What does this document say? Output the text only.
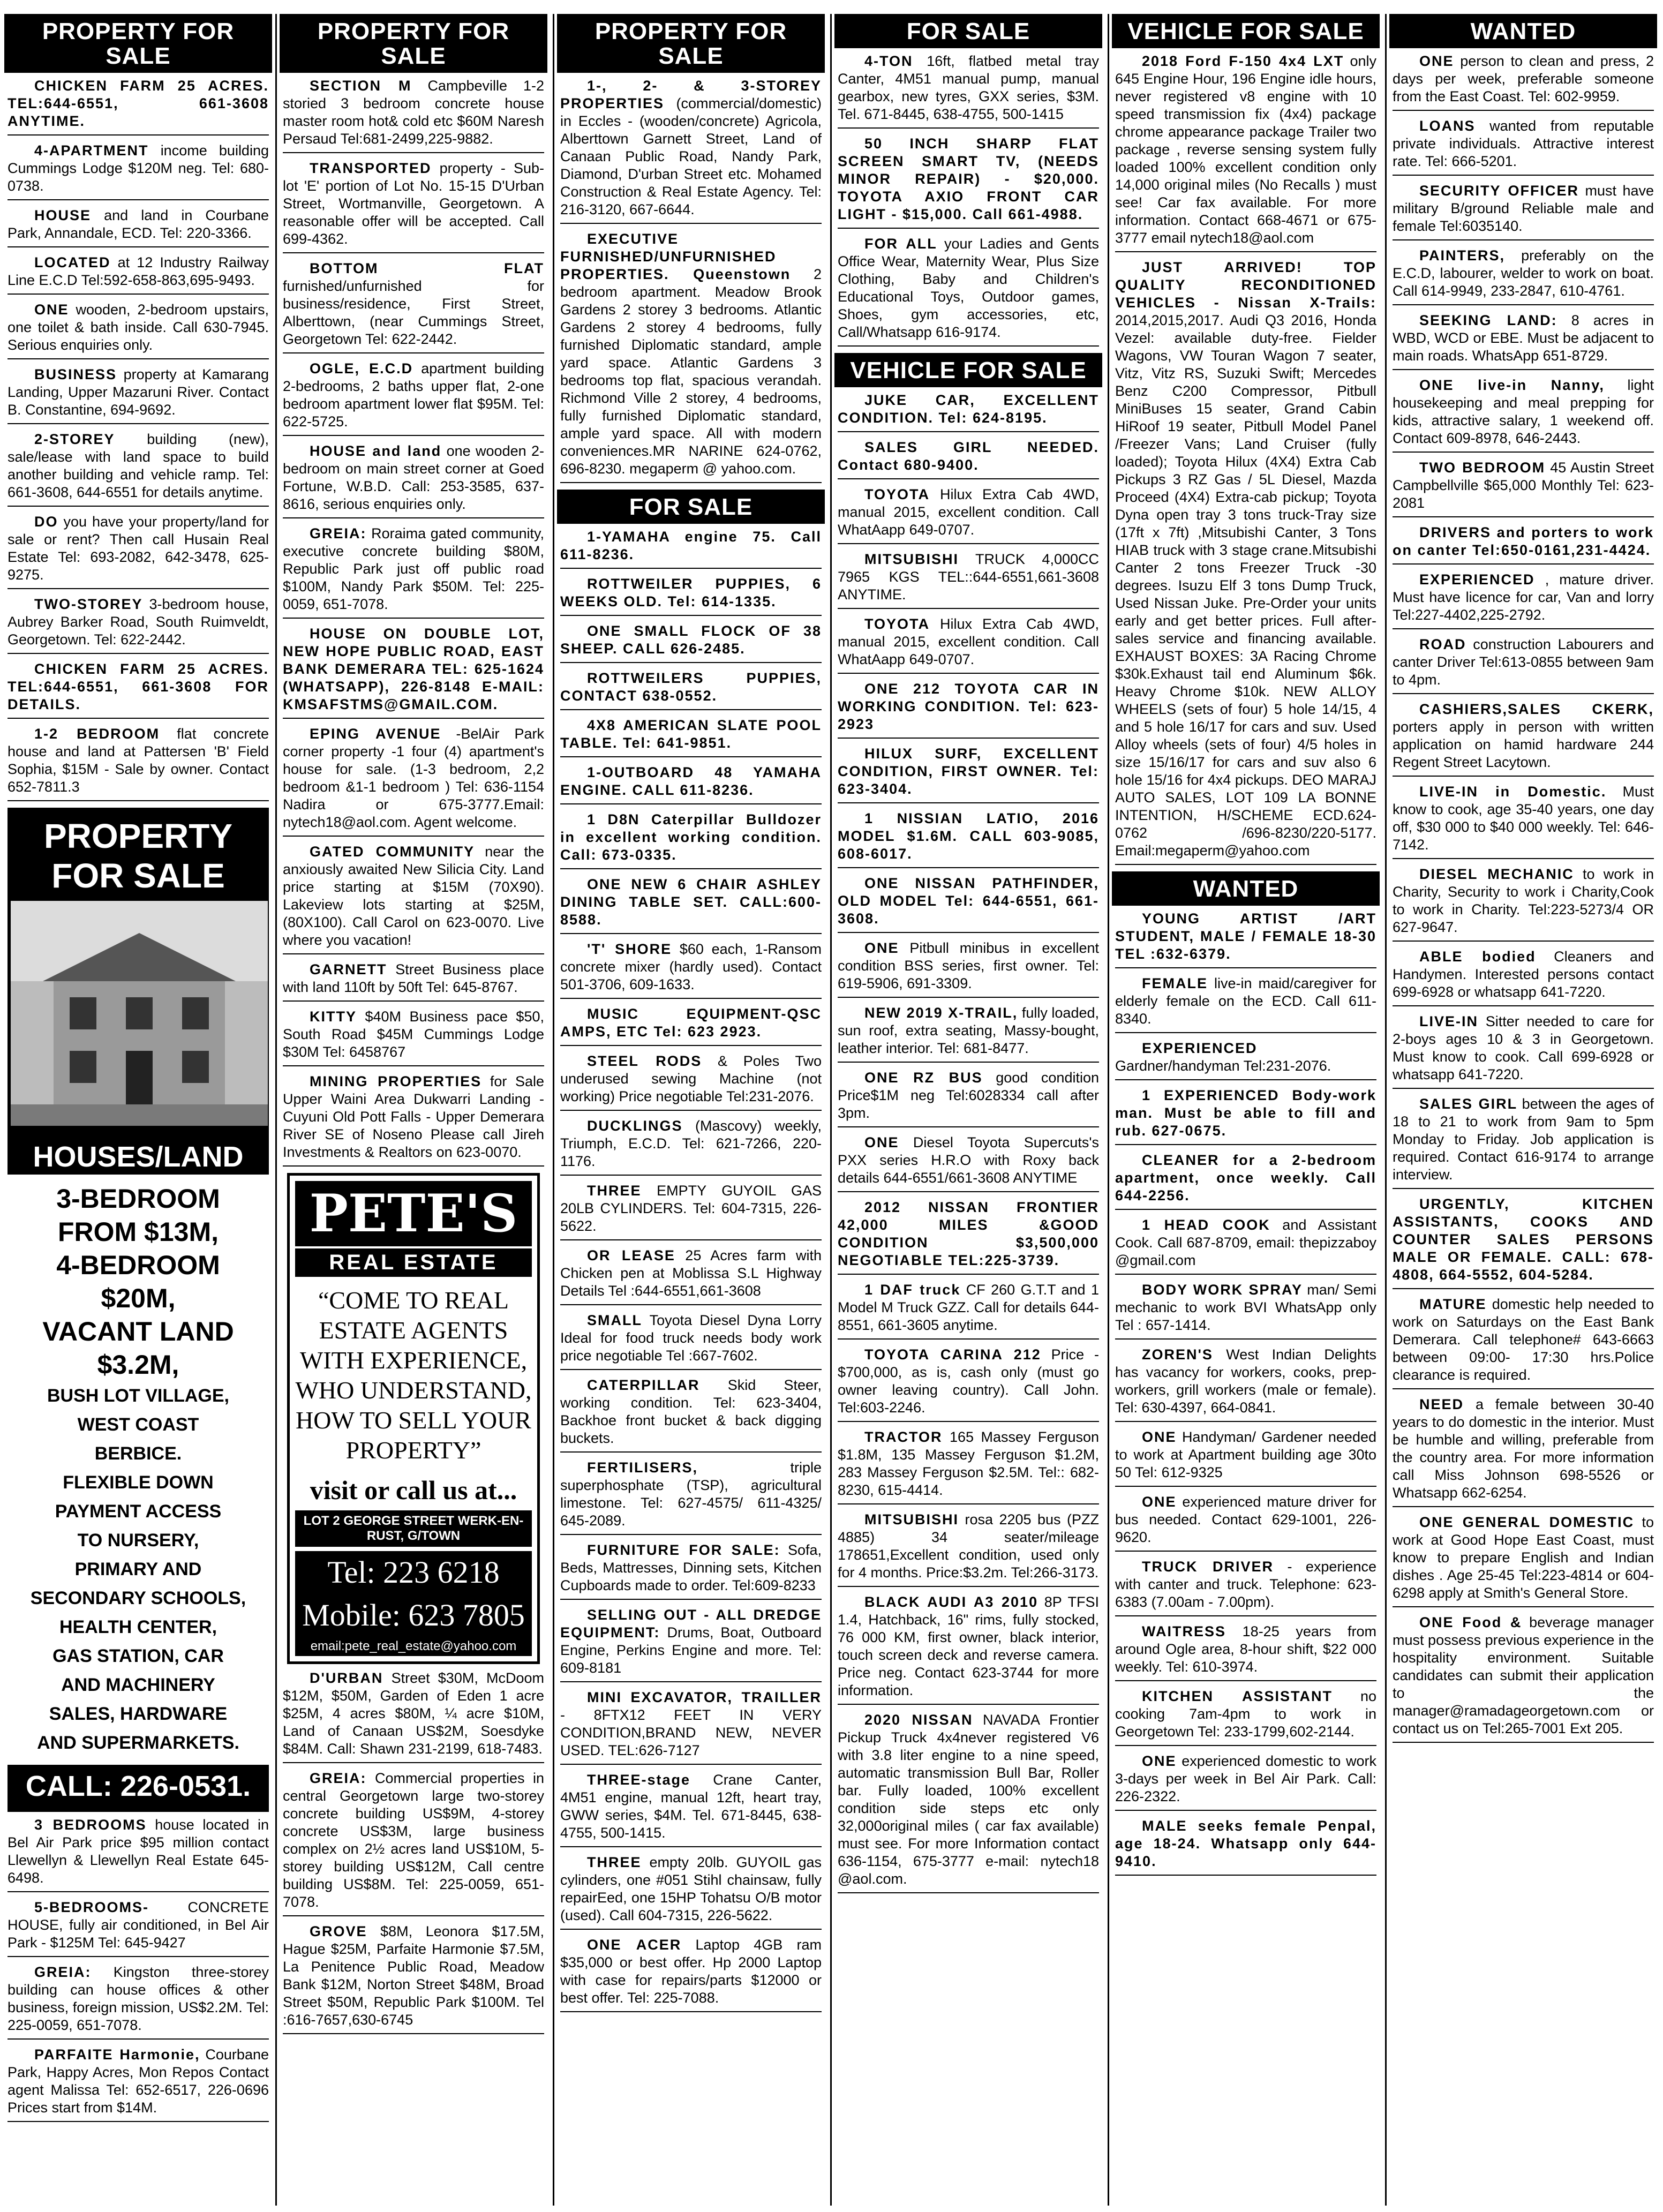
PROPERTY FOR SALE
CHICKEN FARM 25 ACRES. TEL:644-6551, 661-3608 ANYTIME.
4-APARTMENT income building Cummings Lodge $120M neg. Tel: 680-0738.
HOUSE and land in Courbane Park, Annandale, ECD. Tel: 220-3366.
LOCATED at 12 Industry Railway Line E.C.D Tel:592-658-863,695-9493.
ONE wooden, 2-bedroom upstairs, one toilet & bath inside. Call 630-7945. Serious enquiries only.
BUSINESS property at Kamarang Landing, Upper Mazaruni River. Contact B. Constantine, 694-9692.
2-STOREY building (new), sale/lease with land space to build another building and vehicle ramp. Tel: 661-3608, 644-6551 for details anytime.
DO you have your property/land for sale or rent? Then call Husain Real Estate Tel: 693-2082, 642-3478, 625-9275.
TWO-STOREY 3-bedroom house, Aubrey Barker Road, South Ruimveldt, Georgetown. Tel: 622-2442.
CHICKEN FARM 25 ACRES. TEL:644-6551, 661-3608 FOR DETAILS.
1-2 BEDROOM flat concrete house and land at Pattersen 'B' Field Sophia, $15M - Sale by owner. Contact 652-7811.3
PROPERTY
FOR SALE
HOUSES/LAND
3-BEDROOM
FROM $13M,
4-BEDROOM
$20M,
VACANT LAND
$3.2M,
BUSH LOT VILLAGE,
WEST COAST
BERBICE.
FLEXIBLE DOWN
PAYMENT ACCESS
TO NURSERY,
PRIMARY AND
SECONDARY SCHOOLS,
HEALTH CENTER,
GAS STATION, CAR
AND MACHINERY
SALES, HARDWARE
AND SUPERMARKETS.
CALL: 226-0531.
3 BEDROOMS house located in Bel Air Park price $95 million contact Llewellyn & Llewellyn Real Estate 645-6498.
5-BEDROOMS-	CONCRETE HOUSE, fully air conditioned, in Bel Air Park - $125M Tel: 645-9427
GREIA: Kingston three-storey building can house offices & other business, foreign mission, US$2.2M. Tel: 225-0059, 651-7078.
PARFAITE Harmonie, Courbane Park, Happy Acres, Mon Repos Contact agent Malissa Tel: 652-6517, 226-0696 Prices start from $14M.
PROPERTY FOR SALE
SECTION M Campbeville 1-2 storied 3 bedroom concrete house master room hot& cold etc $60M Naresh Persaud Tel:681-2499,225-9882.
TRANSPORTED property - Sub-lot 'E' portion of Lot No. 15-15 D'Urban Street, Wortmanville, Georgetown. A reasonable offer will be accepted. Call 699-4362.
BOTTOM FLAT furnished/unfurnished for business/residence, First Street, Alberttown, (near Cummings Street, Georgetown Tel: 622-2442.
OGLE, E.C.D apartment building 2-bedrooms, 2 baths upper flat, 2-one bedroom apartment lower flat $95M. Tel: 622-5725.
HOUSE and land one wooden 2-bedroom on main street corner at Goed Fortune, W.B.D. Call: 253-3585, 637-8616, serious enquiries only.
GREIA: Roraima gated community, executive concrete building $80M, Republic Park just off public road $100M, Nandy Park $50M. Tel: 225-0059, 651-7078.
HOUSE ON DOUBLE LOT, NEW HOPE PUBLIC ROAD, EAST BANK DEMERARA TEL: 625-1624 (WHATSAPP), 226-8148 E-MAIL: KMSAFSTMS@GMAIL.COM.
EPING AVENUE -BelAir Park corner property -1 four (4) apartment's house for sale. (1-3 bedroom, 2,2 bedroom &1-1 bedroom ) Tel: 636-1154 Nadira or 675-3777.Email: nytech18@aol.com. Agent welcome.
GATED COMMUNITY near the anxiously awaited New Silicia City. Land price starting at $15M (70X90). Lakeview lots starting at $25M, (80X100). Call Carol on 623-0070. Live where you vacation!
GARNETT Street Business place with land 110ft by 50ft Tel: 645-8767.
KITTY $40M Business pace $50, South Road $45M Cummings Lodge $30M Tel: 6458767
MINING PROPERTIES for Sale Upper Waini Area Dukwarri Landing -Cuyuni Old Pott Falls - Upper Demerara River SE of Noseno Please call Jireh Investments & Realtors on 623-0070.
PETE'S
REAL ESTATE
“COME TO REAL ESTATE AGENTS WITH EXPERIENCE, WHO UNDERSTAND, HOW TO SELL YOUR PROPERTY”
visit or call us at...
LOT 2 GEORGE STREET WERK-EN-RUST, G/TOWN
Tel: 223 6218
Mobile: 623 7805
email:pete_real_estate@yahoo.com
D'URBAN Street $30M, McDoom $12M, $50M, Garden of Eden 1 acre $25M, 4 acres $80M, ¼ acre $10M, Land of Canaan US$2M, Soesdyke $84M. Call: Shawn 231-2199, 618-7483.
GREIA: Commercial properties in central Georgetown large two-storey concrete building US$9M, 4-storey concrete US$3M, large business complex on 2½ acres land US$10M, 5-storey building US$12M, Call centre building US$8M. Tel: 225-0059, 651-7078.
GROVE $8M, Leonora $17.5M, Hague $25M, Parfaite Harmonie $7.5M, La Penitence Public Road, Meadow Bank $12M, Norton Street $48M, Broad Street $50M, Republic Park $100M. Tel :616-7657,630-6745
PROPERTY FOR SALE
1-, 2- & 3-STOREY PROPERTIES (commercial/domestic) in Eccles - (wooden/concrete) Agricola, Alberttown Garnett Street, Land of Canaan Public Road, Nandy Park, Diamond, D'urban Street etc. Mohamed Construction & Real Estate Agency. Tel: 216-3120, 667-6644.
EXECUTIVE FURNISHED/UNFURNISHED PROPERTIES. Queenstown 2 bedroom apartment. Meadow Brook Gardens 2 storey 3 bedrooms. Atlantic Gardens 2 storey 4 bedrooms, fully furnished Diplomatic standard, ample yard space. Atlantic Gardens 3 bedrooms top flat, spacious verandah. Richmond Ville 2 storey, 4 bedrooms, fully furnished Diplomatic standard, ample yard space. All with modern conveniences.MR NARINE 624-0762, 696-8230. megaperm @ yahoo.com.
FOR SALE
1-YAMAHA engine 75. Call 611-8236.
ROTTWEILER PUPPIES, 6 WEEKS OLD. Tel: 614-1335.
ONE SMALL FLOCK OF 38 SHEEP. CALL 626-2485.
ROTTWEILERS PUPPIES, CONTACT 638-0552.
4X8 AMERICAN SLATE POOL TABLE. Tel: 641-9851.
1-OUTBOARD 48 YAMAHA ENGINE. CALL 611-8236.
1 D8N Caterpillar Bulldozer in excellent working condition. Call: 673-0335.
ONE NEW 6 CHAIR ASHLEY DINING TABLE SET. CALL:600-8588.
'T' SHORE $60 each, 1-Ransom concrete mixer (hardly used). Contact 501-3706, 609-1633.
MUSIC EQUIPMENT-QSC AMPS, ETC Tel: 623 2923.
STEEL RODS & Poles Two underused sewing Machine (not working) Price negotiable Tel:231-2076.
DUCKLINGS (Mascovy) weekly, Triumph, E.C.D. Tel: 621-7266, 220-1176.
THREE EMPTY GUYOIL GAS 20LB CYLINDERS. Tel: 604-7315, 226-5622.
OR LEASE 25 Acres farm with Chicken pen at Moblissa S.L Highway Details Tel :644-6551,661-3608
SMALL Toyota Diesel Dyna Lorry Ideal for food truck needs body work price negotiable Tel :667-7602.
CATERPILLAR Skid Steer, working condition. Tel: 623-3404, Backhoe front bucket & back digging buckets.
FERTILISERS,	triple superphosphate (TSP), agricultural limestone. Tel: 627-4575/ 611-4325/ 645-2089.
FURNITURE FOR SALE: Sofa, Beds, Mattresses, Dinning sets, Kitchen Cupboards made to order. Tel:609-8233
SELLING OUT - ALL DREDGE EQUIPMENT: Drums, Boat, Outboard Engine, Perkins Engine and more. Tel: 609-8181
MINI EXCAVATOR, TRAILLER - 8FTX12 FEET IN VERY CONDITION,BRAND NEW, NEVER USED. TEL:626-7127
THREE-stage Crane Canter, 4M51 engine, manual 12ft, heart tray, GWW series, $4M. Tel. 671-8445, 638-4755, 500-1415.
THREE empty 20lb. GUYOIL gas cylinders, one #051 Stihl chainsaw, fully repairEed, one 15HP Tohatsu O/B motor (used). Call 604-7315, 226-5622.
ONE ACER Laptop 4GB ram $35,000 or best offer. Hp 2000 Laptop with case for repairs/parts $12000 or best offer. Tel: 225-7088.
FOR SALE
4-TON 16ft, flatbed metal tray Canter, 4M51 manual pump, manual gearbox, new tyres, GXX series, $3M. Tel. 671-8445, 638-4755, 500-1415
50 INCH SHARP FLAT SCREEN SMART TV, (NEEDS MINOR REPAIR) - $20,000. TOYOTA AXIO FRONT CAR LIGHT - $15,000. Call 661-4988.
FOR ALL your Ladies and Gents Office Wear, Maternity Wear, Plus Size Clothing, Baby and Children's Educational Toys, Outdoor games, Shoes, gym accessories, etc, Call/Whatsapp 616-9174.
VEHICLE FOR SALE
JUKE CAR, EXCELLENT CONDITION. Tel: 624-8195.
SALES GIRL NEEDED. Contact 680-9400.
TOYOTA Hilux Extra Cab 4WD, manual 2015, excellent condition. Call WhatAapp 649-0707.
MITSUBISHI TRUCK 4,000CC 7965 KGS TEL::644-6551,661-3608 ANYTIME.
TOYOTA Hilux Extra Cab 4WD, manual 2015, excellent condition. Call WhatAapp 649-0707.
ONE 212 TOYOTA CAR IN WORKING CONDITION. Tel: 623-2923
HILUX SURF, EXCELLENT CONDITION, FIRST OWNER. Tel: 623-3404.
1 NISSIAN LATIO, 2016 MODEL $1.6M. CALL 603-9085, 608-6017.
ONE NISSAN PATHFINDER, OLD MODEL Tel: 644-6551, 661-3608.
ONE Pitbull minibus in excellent condition BSS series, first owner. Tel: 619-5906, 691-3309.
NEW 2019 X-TRAIL, fully loaded, sun roof, extra seating, Massy-bought, leather interior. Tel: 681-8477.
ONE RZ BUS good condition Price$1M neg Tel:6028334 call after 3pm.
ONE Diesel Toyota Supercuts's PXX series H.R.O with Roxy back details 644-6551/661-3608 ANYTIME
2012 NISSAN FRONTIER 42,000 MILES &GOOD CONDITION $3,500,000 NEGOTIABLE TEL:225-3739.
1 DAF truck CF 260 G.T.T and 1 Model M Truck GZZ. Call for details 644-8551, 661-3605 anytime.
TOYOTA CARINA 212 Price - $700,000, as is, cash only (must go owner leaving country). Call John. Tel:603-2246.
TRACTOR 165 Massey Ferguson $1.8M, 135 Massey Ferguson $1.2M, 283 Massey Ferguson $2.5M. Tel:: 682-8230, 615-4414.
MITSUBISHI rosa 2205 bus (PZZ 4885) 34 seater/mileage 178651,Excellent condition, used only for 4 months. Price:$3.2m. Tel:266-3173.
BLACK AUDI A3 2010 8P TFSI 1.4, Hatchback, 16" rims, fully stocked, 76 000 KM, first owner, black interior, touch screen deck and reverse camera. Price neg. Contact 623-3744 for more information.
2020 NISSAN NAVADA Frontier Pickup Truck 4x4never registered V6 with 3.8 liter engine to a nine speed, automatic transmission Bull Bar, Roller bar. Fully loaded, 100% excellent condition side steps etc only 32,000original miles ( car fax available) must see. For more Information contact 636-1154, 675-3777 e-mail: nytech18 @aol.com.
VEHICLE FOR SALE
2018 Ford F-150 4x4 LXT only 645 Engine Hour, 196 Engine idle hours, never registered v8 engine with 10 speed transmission fix (4x4) package chrome appearance package Trailer two package , reverse sensing system fully loaded 100% excellent condition only 14,000 original miles (No Recalls ) must see! Car fax available. For more information. Contact 668-4671 or 675-3777 email nytech18@aol.com
JUST ARRIVED! TOP QUALITY RECONDITIONED VEHICLES - Nissan X-Trails: 2014,2015,2017. Audi Q3 2016, Honda Vezel: available duty-free. Fielder Wagons, VW Touran Wagon 7 seater, Vitz, Vitz RS, Suzuki Swift; Mercedes Benz C200 Compressor, Pitbull MiniBuses 15 seater, Grand Cabin HiRoof 19 seater, Pitbull Model Panel /Freezer Vans; Land Cruiser (fully loaded); Toyota Hilux (4X4) Extra Cab Pickups 3 RZ Gas / 5L Diesel, Mazda Proceed (4X4) Extra-cab pickup; Toyota Dyna open tray 3 tons truck-Tray size (17ft x 7ft) ,Mitsubishi Canter, 3 Tons HIAB truck with 3 stage crane.Mitsubishi Canter 2 tons Freezer Truck -30 degrees. Isuzu Elf 3 tons Dump Truck, Used Nissan Juke. Pre-Order your units early and get better prices. Full after-sales service and financing available. EXHAUST BOXES: 3A Racing Chrome $30k.Exhaust tail end Aluminum $6k. Heavy Chrome $10k. NEW ALLOY WHEELS (sets of four) 5 hole 14/15, 4 and 5 hole 16/17 for cars and suv. Used Alloy wheels (sets of four) 4/5 holes in size 15/16/17 for cars and suv also 6 hole 15/16 for 4x4 pickups. DEO MARAJ AUTO SALES, LOT 109 LA BONNE INTENTION, H/SCHEME ECD.624-0762 /696-8230/220-5177. Email:megaperm@yahoo.com
WANTED
YOUNG ARTIST /ART STUDENT, MALE / FEMALE 18-30 TEL :632-6379.
FEMALE live-in maid/caregiver for elderly female on the ECD. Call 611-8340.
EXPERIENCED Gardner/handyman Tel:231-2076.
1 EXPERIENCED Body-work man. Must be able to fill and rub. 627-0675.
CLEANER for a 2-bedroom apartment, once weekly. Call 644-2256.
1 HEAD COOK and Assistant Cook. Call 687-8709, email: thepizzaboy @gmail.com
BODY WORK SPRAY man/ Semi mechanic to work BVI WhatsApp only Tel : 657-1414.
ZOREN'S West Indian Delights has vacancy for workers, cooks, prep-workers, grill workers (male or female). Tel: 630-4397, 664-0841.
ONE Handyman/ Gardener needed to work at Apartment building age 30to 50 Tel: 612-9325
ONE experienced mature driver for bus needed. Contact 629-1001, 226-9620.
TRUCK DRIVER - experience with canter and truck. Telephone: 623-6383 (7.00am - 7.00pm).
WAITRESS 18-25 years from around Ogle area, 8-hour shift, $22 000 weekly. Tel: 610-3974.
KITCHEN ASSISTANT no cooking 7am-4pm to work in Georgetown Tel: 233-1799,602-2144.
ONE experienced domestic to work 3-days per week in Bel Air Park. Call: 226-2322.
MALE seeks female Penpal, age 18-24. Whatsapp only 644-9410.
WANTED
ONE person to clean and press, 2 days per week, preferable someone from the East Coast. Tel: 602-9959.
LOANS wanted from reputable private individuals. Attractive interest rate. Tel: 666-5201.
SECURITY OFFICER must have military B/ground Reliable male and female Tel:6035140.
PAINTERS, preferably on the E.C.D, labourer, welder to work on boat. Call 614-9949, 233-2847, 610-4761.
SEEKING LAND: 8 acres in WBD, WCD or EBE. Must be adjacent to main roads. WhatsApp 651-8729.
ONE live-in Nanny, light housekeeping and meal prepping for kids, attractive salary, 1 weekend off. Contact 609-8978, 646-2443.
TWO BEDROOM 45 Austin Street Campbellville $65,000 Monthly Tel: 623-2081
DRIVERS and porters to work on canter Tel:650-0161,231-4424.
EXPERIENCED , mature driver. Must have licence for car, Van and lorry Tel:227-4402,225-2792.
ROAD construction Labourers and canter Driver Tel:613-0855 between 9am to 4pm.
CASHIERS,SALES CKERK, porters apply in person with written application on hamid hardware 244 Regent Street Lacytown.
LIVE-IN in Domestic. Must know to cook, age 35-40 years, one day off, $30 000 to $40 000 weekly. Tel: 646-7142.
DIESEL MECHANIC to work in Charity, Security to work i Charity,Cook to work in Charity. Tel:223-5273/4 OR 627-9647.
ABLE bodied Cleaners and Handymen. Interested persons contact 699-6928 or whatsapp 641-7220.
LIVE-IN Sitter needed to care for 2-boys ages 10 & 3 in Georgetown. Must know to cook. Call 699-6928 or whatsapp 641-7220.
SALES GIRL between the ages of 18 to 21 to work from 9am to 5pm Monday to Friday. Job application is required. Contact 616-9174 to arrange interview.
URGENTLY, KITCHEN ASSISTANTS, COOKS AND COUNTER SALES PERSONS MALE OR FEMALE. CALL: 678-4808, 664-5552, 604-5284.
MATURE domestic help needed to work on Saturdays on the East Bank Demerara. Call telephone# 643-6663 between 09:00- 17:30 hrs.Police clearance is required.
NEED a female between 30-40 years to do domestic in the interior. Must be humble and willing, preferable from the country area. For more information call Miss Johnson 698-5526 or Whatsapp 662-6254.
ONE GENERAL DOMESTIC to work at Good Hope East Coast, must know to prepare English and Indian dishes . Age 25-45 Tel:223-4814 or 604-6298 apply at Smith's General Store.
ONE Food & beverage manager must possess previous experience in the hospitality environment. Suitable candidates can submit their application to the manager@ramadageorgetown.com or contact us on Tel:265-7001 Ext 205.
